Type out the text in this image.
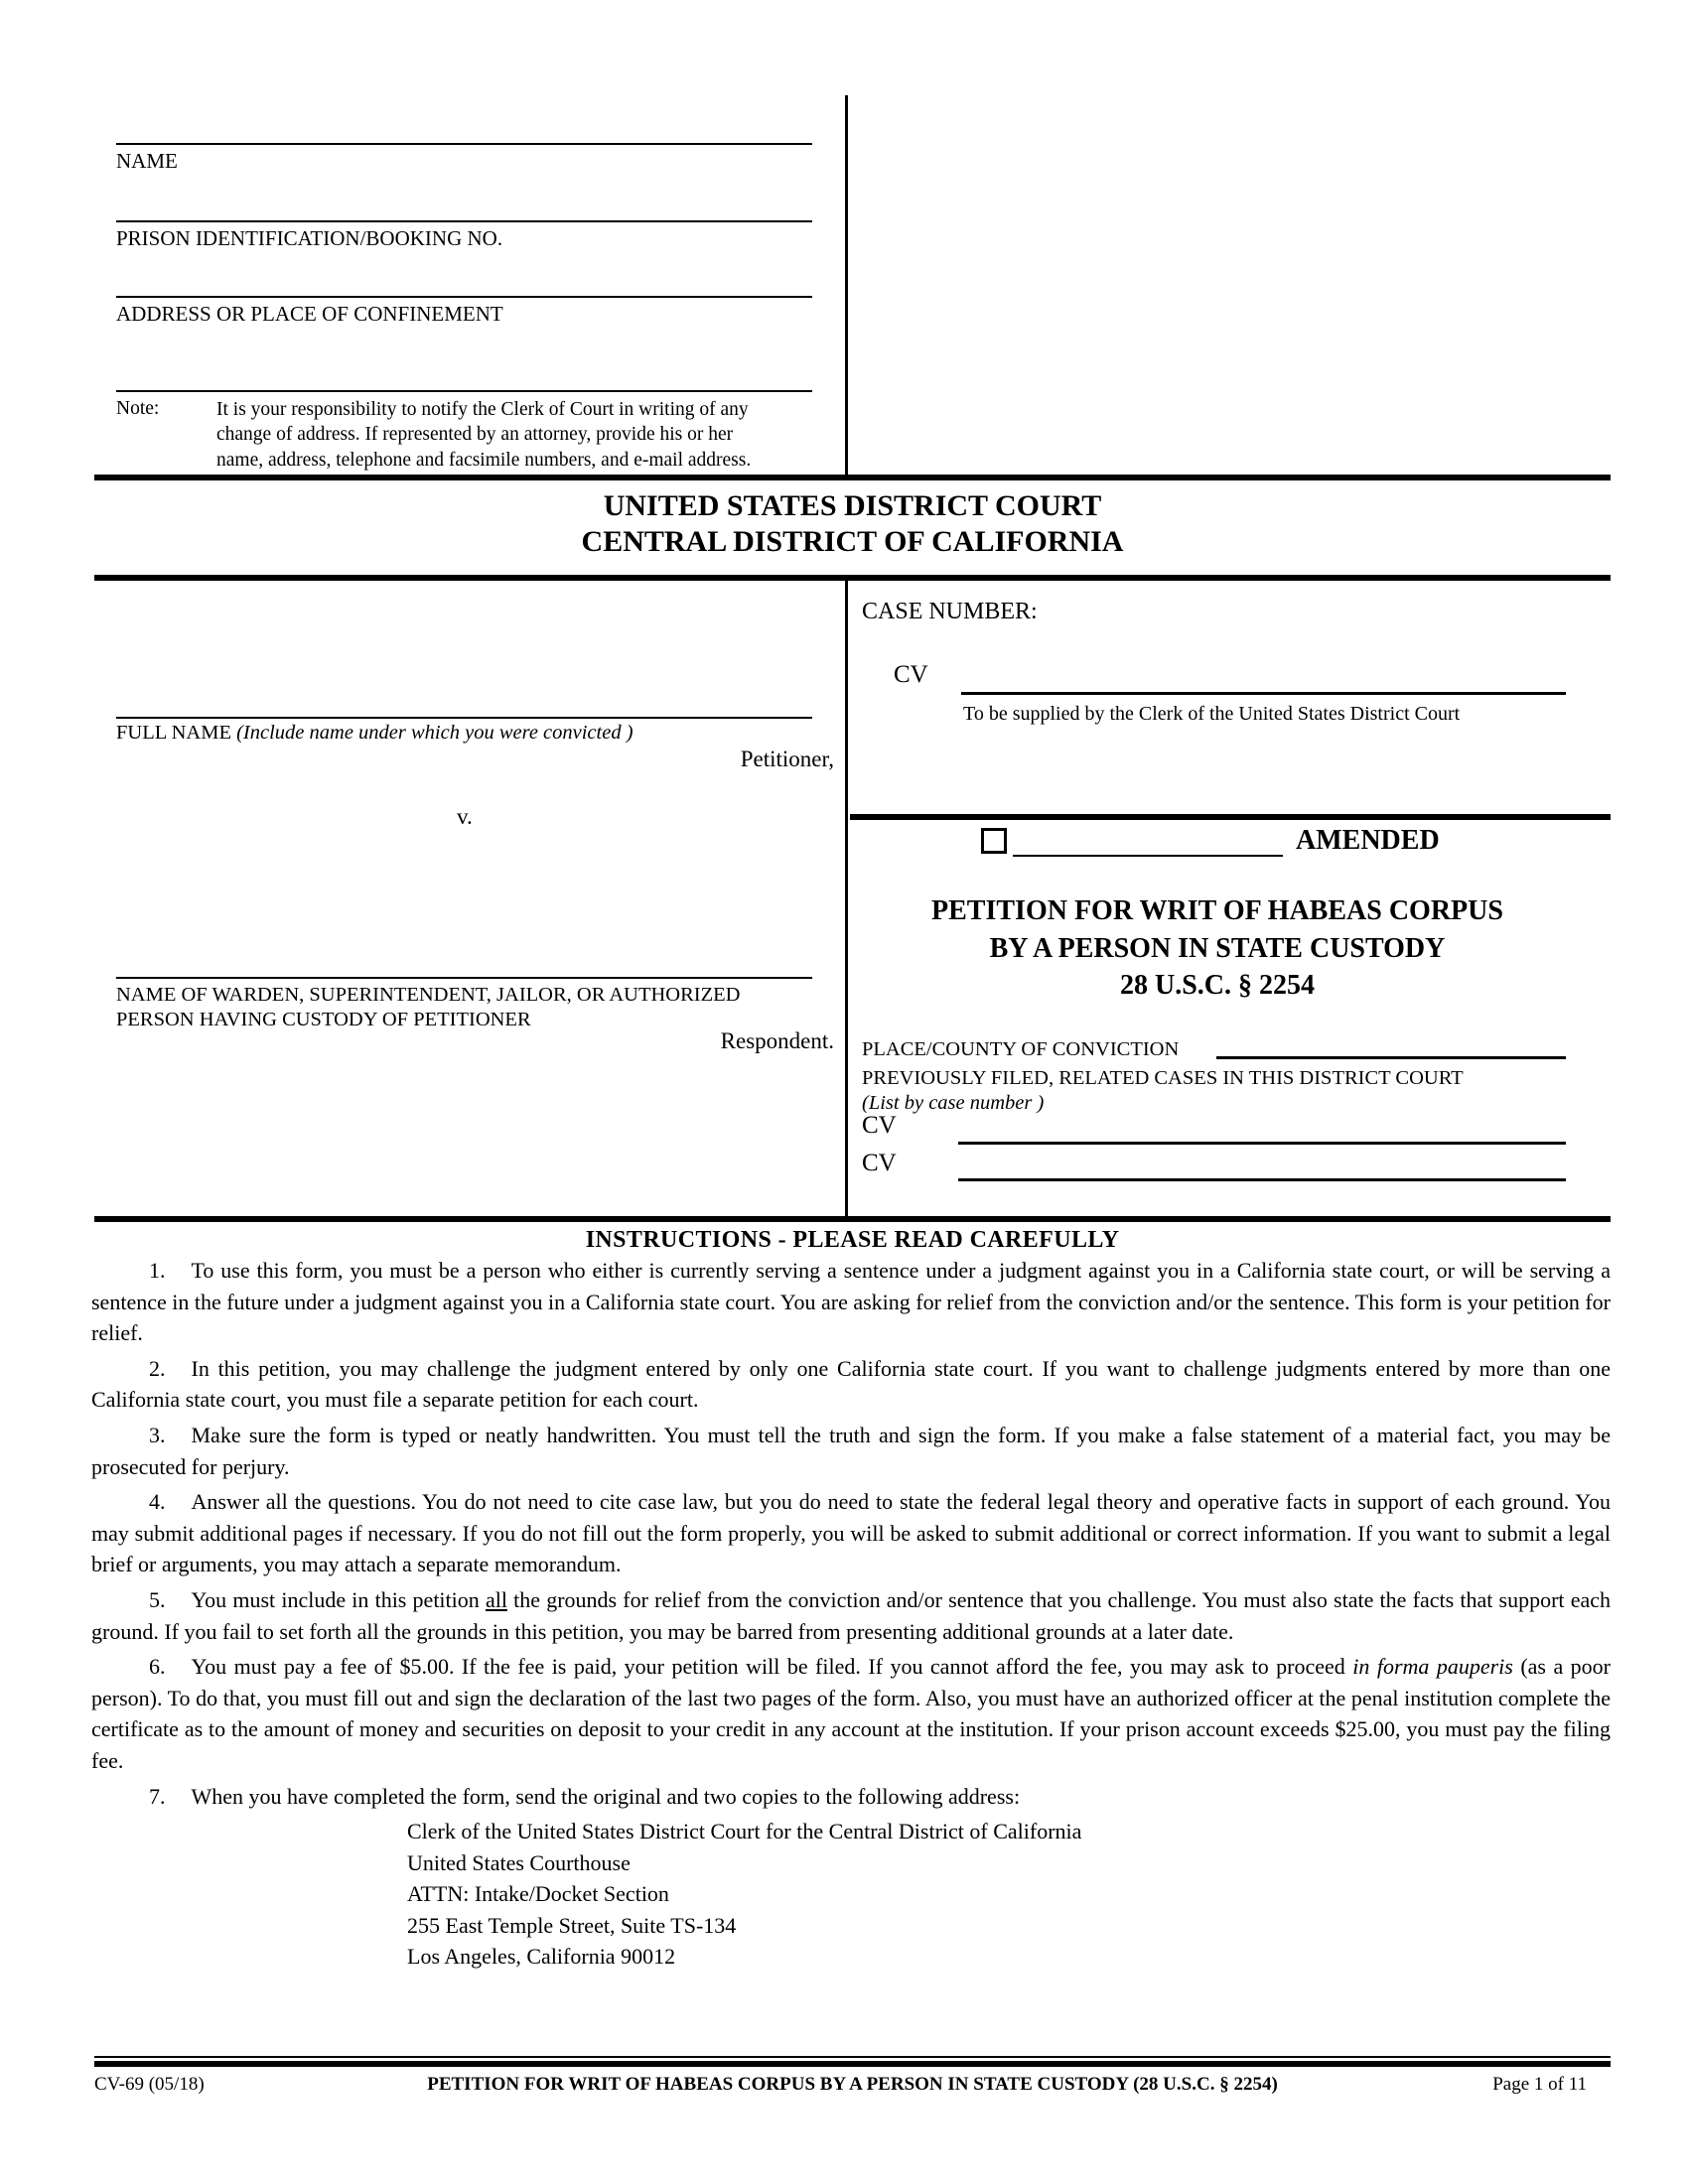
NAME
PRISON IDENTIFICATION/BOOKING NO.
ADDRESS OR PLACE OF CONFINEMENT
Note:	It is your responsibility to notify the Clerk of Court in writing of any
change of address. If represented by an attorney, provide his or her
name, address, telephone and facsimile numbers, and e-mail address.
UNITED STATES DISTRICT COURT
CENTRAL DISTRICT OF CALIFORNIA
FULL NAME (Include name under which you were convicted )
Petitioner,
v.
NAME OF WARDEN, SUPERINTENDENT, JAILOR, OR AUTHORIZED
PERSON HAVING CUSTODY OF PETITIONER
Respondent.
CASE NUMBER:
CV
To be supplied by the Clerk of the United States District Court
AMENDED
PETITION FOR WRIT OF HABEAS CORPUS
BY A PERSON IN STATE CUSTODY
28 U.S.C. § 2254
PLACE/COUNTY OF CONVICTION
PREVIOUSLY FILED, RELATED CASES IN THIS DISTRICT COURT
(List by case number )
CV
CV
INSTRUCTIONS - PLEASE READ CAREFULLY

1. To use this form, you must be a person who either is currently serving a sentence under a judgment against you in a California state court, or will be serving a sentence in the future under a judgment against you in a California state court. You are asking for relief from the conviction and/or the sentence. This form is your petition for relief.

2. In this petition, you may challenge the judgment entered by only one California state court. If you want to challenge judgments entered by more than one California state court, you must file a separate petition for each court.

3. Make sure the form is typed or neatly handwritten. You must tell the truth and sign the form. If you make a false statement of a material fact, you may be prosecuted for perjury.

4. Answer all the questions. You do not need to cite case law, but you do need to state the federal legal theory and operative facts in support of each ground. You may submit additional pages if necessary. If you do not fill out the form properly, you will be asked to submit additional or correct information. If you want to submit a legal brief or arguments, you may attach a separate memorandum.

5. You must include in this petition all the grounds for relief from the conviction and/or sentence that you challenge. You must also state the facts that support each ground. If you fail to set forth all the grounds in this petition, you may be barred from presenting additional grounds at a later date.

6. You must pay a fee of $5.00. If the fee is paid, your petition will be filed. If you cannot afford the fee, you may ask to proceed in forma pauperis (as a poor person). To do that, you must fill out and sign the declaration of the last two pages of the form. Also, you must have an authorized officer at the penal institution complete the certificate as to the amount of money and securities on deposit to your credit in any account at the institution. If your prison account exceeds $25.00, you must pay the filing fee.

7. When you have completed the form, send the original and two copies to the following address:

Clerk of the United States District Court for the Central District of California
United States Courthouse
ATTN: Intake/Docket Section
255 East Temple Street, Suite TS-134
Los Angeles, California 90012
CV-69 (05/18)	PETITION FOR WRIT OF HABEAS CORPUS BY A PERSON IN STATE CUSTODY (28 U.S.C. § 2254)	Page 1 of 11
